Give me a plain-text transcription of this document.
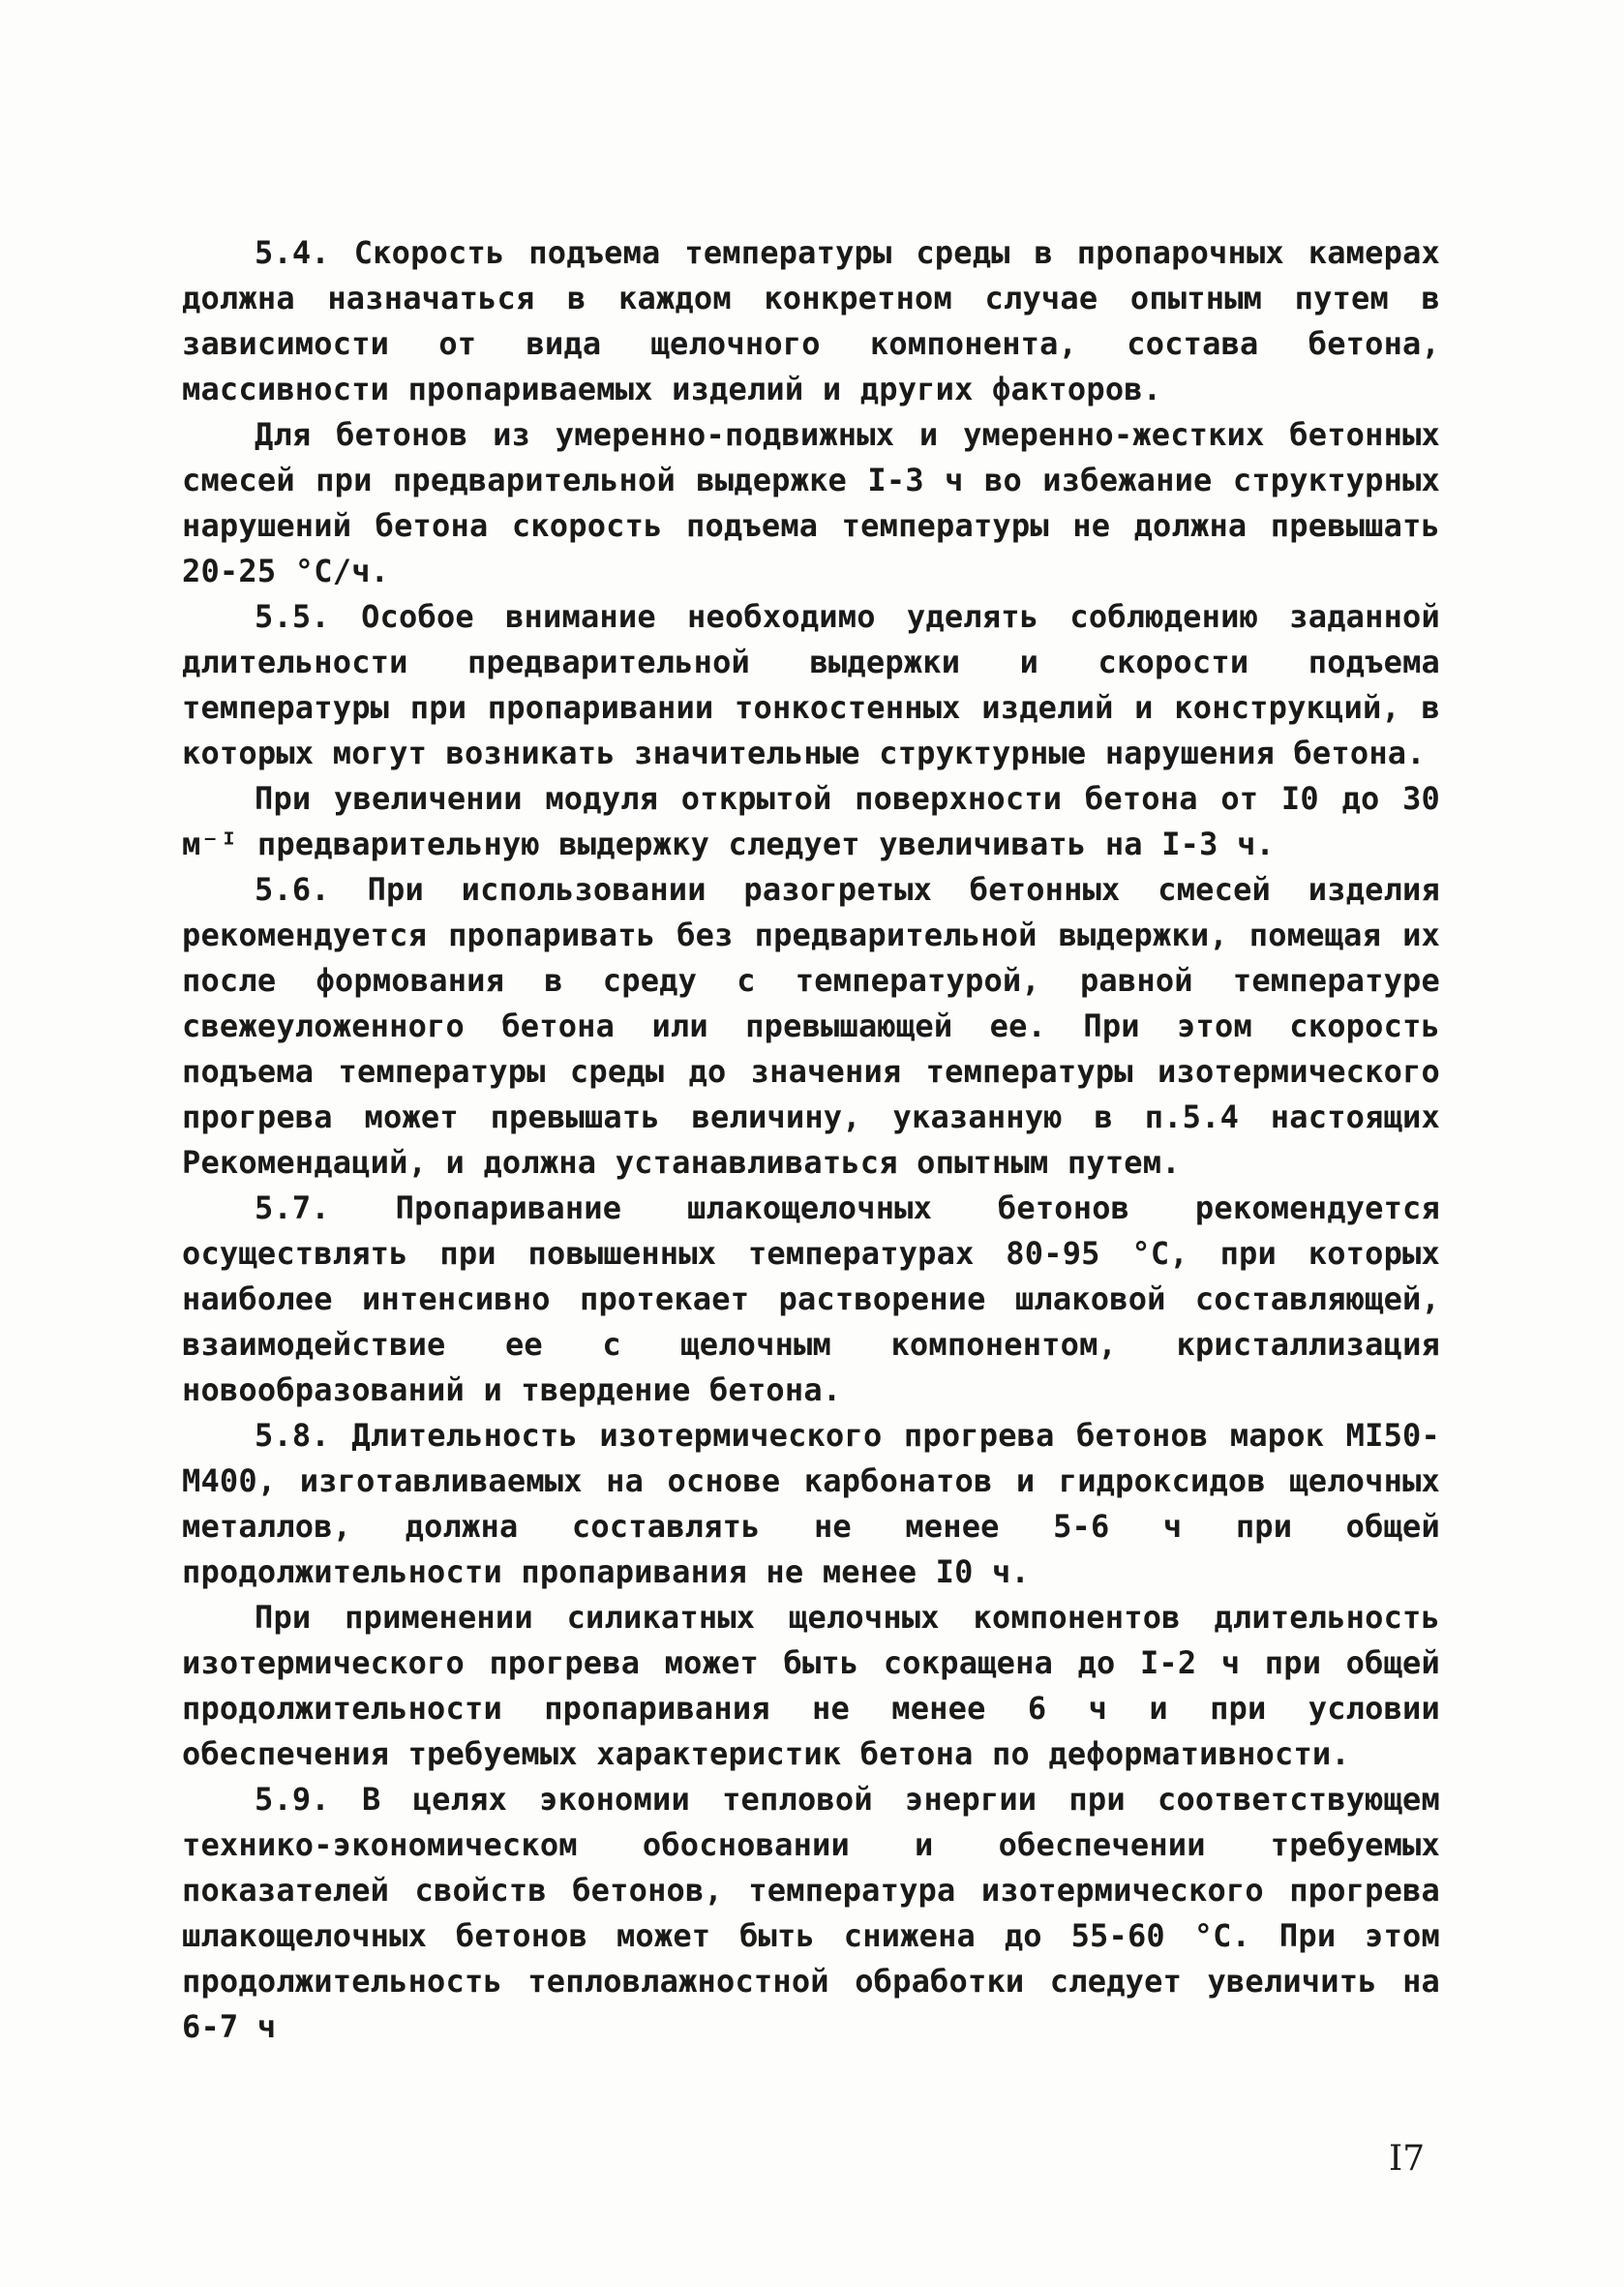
5.4. Скорость подъема температуры среды в пропарочных камерах должна назначаться в каждом конкретном случае опытным путем в зависимости от вида щелочного компонента, состава бетона, массивности пропариваемых изделий и других факторов.

Для бетонов из умеренно-подвижных и умеренно-жестких бетонных смесей при предварительной выдержке I-3 ч во избежание структурных нарушений бетона скорость подъема температуры не должна превышать 20-25 °С/ч.

5.5. Особое внимание необходимо уделять соблюдению заданной длительности предварительной выдержки и скорости подъема температуры при пропаривании тонкостенных изделий и конструкций, в которых могут возникать значительные структурные нарушения бетона.

При увеличении модуля открытой поверхности бетона от I0 до 30 м⁻ᴵ предварительную выдержку следует увеличивать на I-3 ч.

5.6. При использовании разогретых бетонных смесей изделия рекомендуется пропаривать без предварительной выдержки, помещая их после формования в среду с температурой, равной температуре свежеуложенного бетона или превышающей ее. При этом скорость подъема температуры среды до значения температуры изотермического прогрева может превышать величину, указанную в п.5.4 настоящих Рекомендаций, и должна устанавливаться опытным путем.

5.7. Пропаривание шлакощелочных бетонов рекомендуется осуществлять при повышенных температурах 80-95 °С, при которых наиболее интенсивно протекает растворение шлаковой составляющей, взаимодействие ее с щелочным компонентом, кристаллизация новообразований и твердение бетона.

5.8. Длительность изотермического прогрева бетонов марок МI50-М400, изготавливаемых на основе карбонатов и гидроксидов щелочных металлов, должна составлять не менее 5-6 ч при общей продолжительности пропаривания не менее I0 ч.

При применении силикатных щелочных компонентов длительность изотермического прогрева может быть сокращена до I-2 ч при общей продолжительности пропаривания не менее 6 ч и при условии обеспечения требуемых характеристик бетона по деформативности.

5.9. В целях экономии тепловой энергии при соответствующем технико-экономическом обосновании и обеспечении требуемых показателей свойств бетонов, температура изотермического прогрева шлакощелочных бетонов может быть снижена до 55-60 °С. При этом продолжительность тепловлажностной обработки следует увеличить на 6-7 ч

I7
